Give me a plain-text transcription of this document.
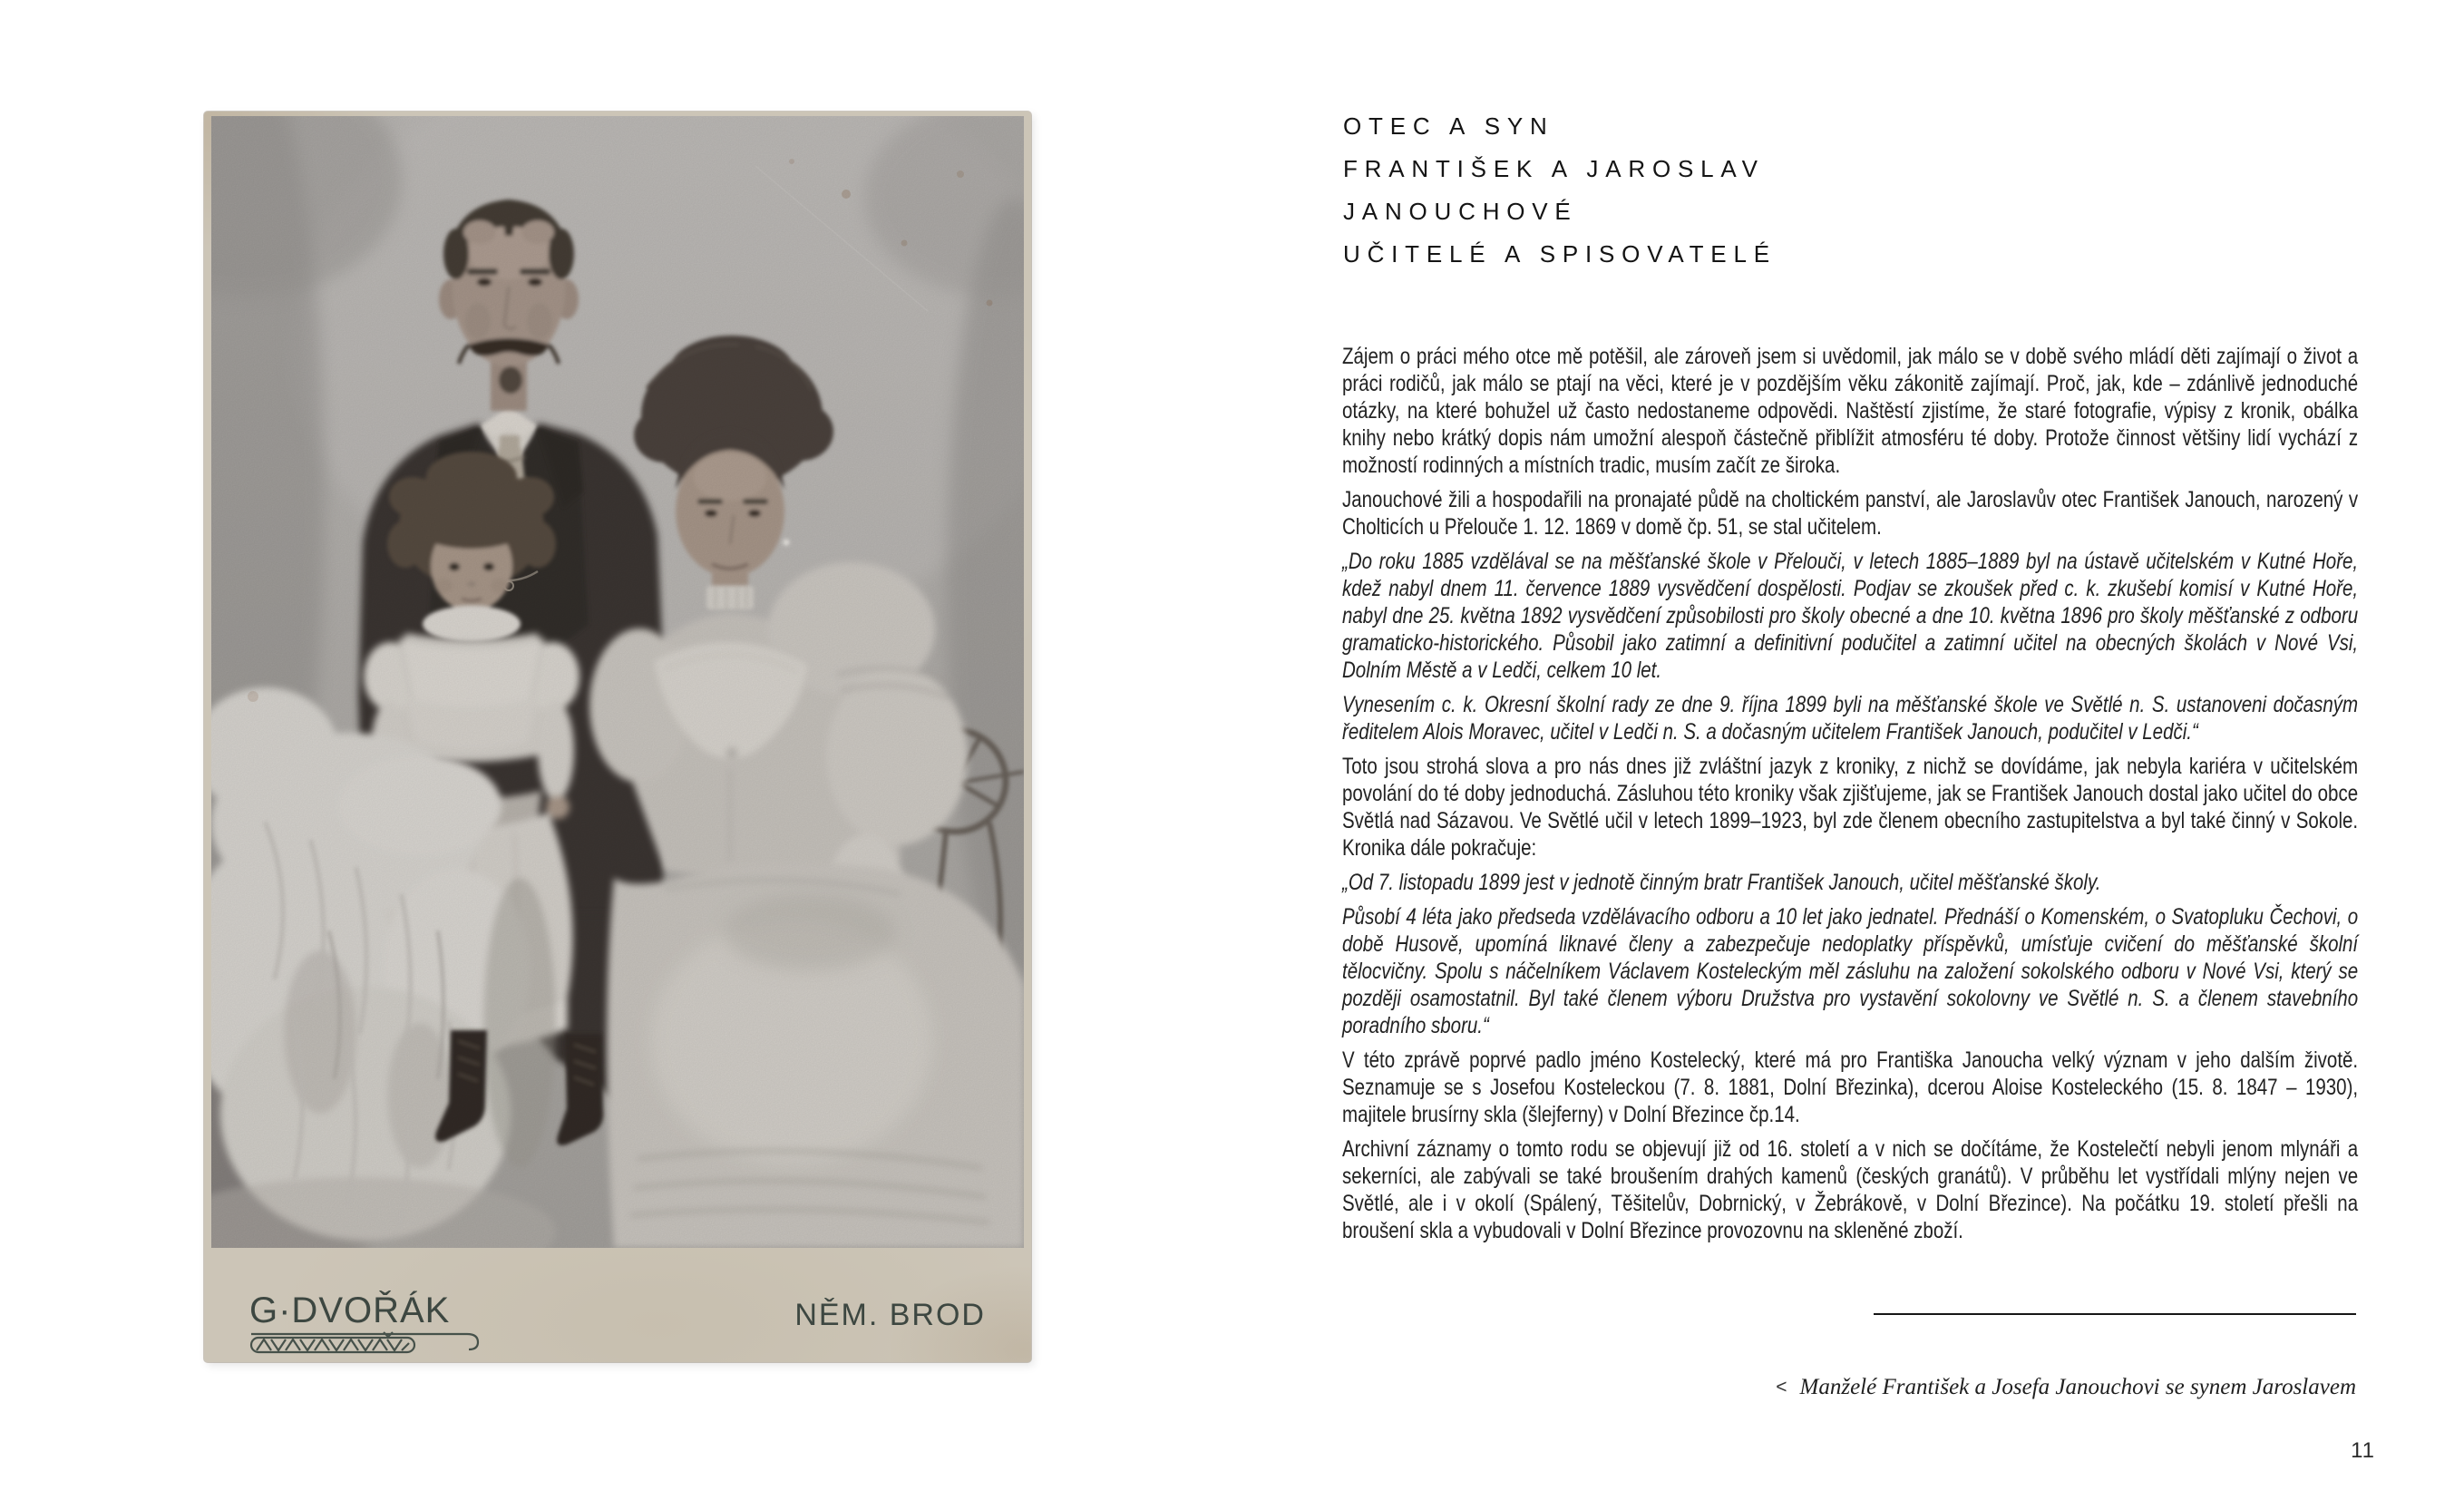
G·DVOŘÁK	NĚM. BROD
OTEC A SYN
FRANTIŠEK A JAROSLAV
JANOUCHOVÉ
UČITELÉ A SPISOVATELÉ

Zájem o práci mého otce mě potěšil, ale zároveň jsem si uvědomil, jak málo se v době svého mládí děti zajímají o život a práci rodičů, jak málo se ptají na věci, které je v pozdějším věku zákonitě zajímají. Proč, jak, kde – zdánlivě jednoduché otázky, na které bohužel už často nedostaneme odpovědi. Naštěstí zjistíme, že staré fotografie, výpisy z kronik, obálka knihy nebo krátký dopis nám umožní alespoň částečně přiblížit atmosféru té doby. Protože činnost většiny lidí vychází z možností rodinných a místních tradic, musím začít ze široka.

Janouchové žili a hospodařili na pronajaté půdě na choltickém panství, ale Jaroslavův otec František Janouch, narozený v Cholticích u Přelouče 1. 12. 1869 v domě čp. 51, se stal učitelem.

„Do roku 1885 vzdělával se na měšťanské škole v Přelouči, v letech 1885–1889 byl na ústavě učitelském v Kutné Hoře, kdež nabyl dnem 11. července 1889 vysvědčení dospělosti. Podjav se zkoušek před c. k. zkušebí komisí v Kutné Hoře, nabyl dne 25. května 1892 vysvědčení způsobilosti pro školy obecné a dne 10. května 1896 pro školy měšťanské z odboru gramaticko-historického. Působil jako zatimní a definitivní podučitel a zatimní učitel na obecných školách v Nové Vsi, Dolním Městě a v Ledči, celkem 10 let.

Vynesením c. k. Okresní školní rady ze dne 9. října 1899 byli na měšťanské škole ve Světlé n. S. ustanoveni dočasným ředitelem Alois Moravec, učitel v Ledči n. S. a dočasným učitelem František Janouch, podučitel v Ledči.“

Toto jsou strohá slova a pro nás dnes již zvláštní jazyk z kroniky, z nichž se dovídáme, jak nebyla kariéra v učitelském povolání do té doby jednoduchá. Zásluhou této kroniky však zjišťujeme, jak se František Janouch dostal jako učitel do obce Světlá nad Sázavou. Ve Světlé učil v letech 1899–1923, byl zde členem obecního zastupitelstva a byl také činný v Sokole. Kronika dále pokračuje:

„Od 7. listopadu 1899 jest v jednotě činným bratr František Janouch, učitel měšťanské školy.

Působí 4 léta jako předseda vzdělávacího odboru a 10 let jako jednatel. Přednáší o Komenském, o Svatopluku Čechovi, o době Husově, upomíná liknavé členy a zabezpečuje nedoplatky příspěvků, umísťuje cvičení do měšťanské školní tělocvičny. Spolu s náčelníkem Václavem Kosteleckým měl zásluhu na založení sokolského odboru v Nové Vsi, který se později osamostatnil. Byl také členem výboru Družstva pro vystavění sokolovny ve Světlé n. S. a členem stavebního poradního sboru.“

V této zprávě poprvé padlo jméno Kostelecký, které má pro Františka Janoucha velký význam v jeho dalším životě. Seznamuje se s Josefou Kosteleckou (7. 8. 1881, Dolní Březinka), dcerou Aloise Kosteleckého (15. 8. 1847 – 1930), majitele brusírny skla (šlejferny) v Dolní Březince čp.14.

Archivní záznamy o tomto rodu se objevují již od 16. století a v nich se dočítáme, že Kostelečtí nebyli jenom mlynáři a sekerníci, ale zabývali se také broušením drahých kamenů (českých granátů). V průběhu let vystřídali mlýny nejen ve Světlé, ale i v okolí (Spálený, Těšitelův, Dobrnický, v Žebrákově, v Dolní Březince). Na počátku 19. století přešli na broušení skla a vybudovali v Dolní Březince provozovnu na skleněné zboží.

< Manželé František a Josefa Janouchovi se synem Jaroslavem
11
